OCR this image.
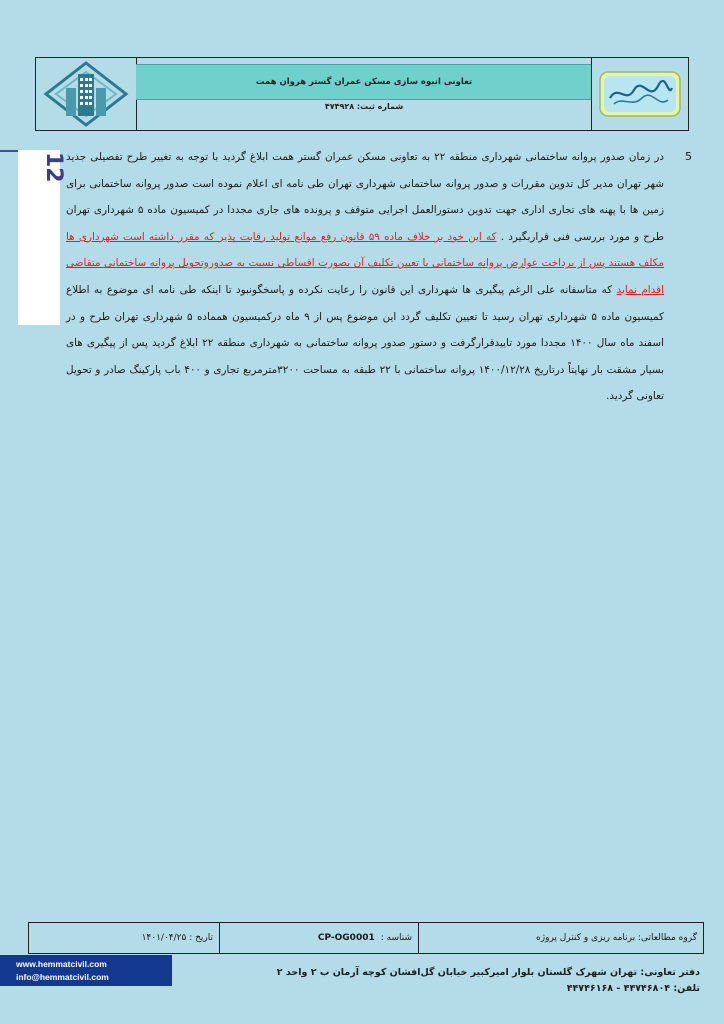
تعاونی انبوه سازی مسکن عمران گستر هروان همت
شماره ثبت: ۴۷۴۹۲۸
12	5
در زمان صدور پروانه ساختمانی شهرداری منطقه ۲۲ به تعاونی مسکن عمران گستر همت ابلاغ گردید با توجه به تغییر طرح تفصیلی جدید شهر تهران مدیر کل تدوین مقررات و صدور پروانه ساختمانی شهرداری تهران طی نامه ای اعلام نموده است صدور پروانه ساختمانی برای زمین ها با پهنه های تجاری اداری جهت تدوین دستورالعمل اجرایی متوقف و پرونده های جاری مجددا در کمیسیون ماده ۵ شهرداری تهران طرح و مورد بررسی فنی قراربگیرد . که این خود بر خلاف ماده ۵۹ قانون رفع موانع تولید رقابت پذیر که مقرر داشته است شهرداری ها مکلف هستند پس از برداخت عوارض پروانه ساختمانی با تعیین تکلیف آن بصورت اقساطی نسبت به صدوروتحویل پروانه ساختمانی متقاضی اقدام نماید که متاسفانه علی الرغم پیگیری ها شهرداری این قانون را رعایت نکرده و پاسخگونبود تا اینکه طی نامه ای موضوع به اطلاع کمیسیون ماده ۵ شهرداری تهران رسید تا تعیین تکلیف گردد این موضوع پس از ۹ ماه درکمیسیون همماده ۵ شهرداری تهران طرح و در اسفند ماه سال ۱۴۰۰ مجددا مورد تاییدقرارگرفت و دستور صدور پروانه ساختمانی به شهرداری منطقه ۲۲ ابلاغ گردید پس از پیگیری های بسیار مشقت بار نهایتاً درتاریخ ۱۴۰۰/۱۲/۲۸ پروانه ساختمانی با ۲۲ طبقه به مساحت ۳۲۰۰مترمربع تجاری و ۴۰۰ باب پارکینگ صادر و تحویل تعاونی گردید.
گروه مطالعاتی: برنامه ریزی و کنترل پروژه
شناسه :
CP-OG0001
تاریخ : ۱۴۰۱/۰۴/۲۵
www.hemmatcivil.com
info@hemmatcivil.com	دفتر تعاونی: تهران شهرک گلستان بلوار امیرکبیر خیابان گل‌افشان کوچه آرمان ب ۲ واحد ۲
تلفن: ۴۴۷۴۶۸۰۴ - ۴۴۷۴۶۱۶۸
